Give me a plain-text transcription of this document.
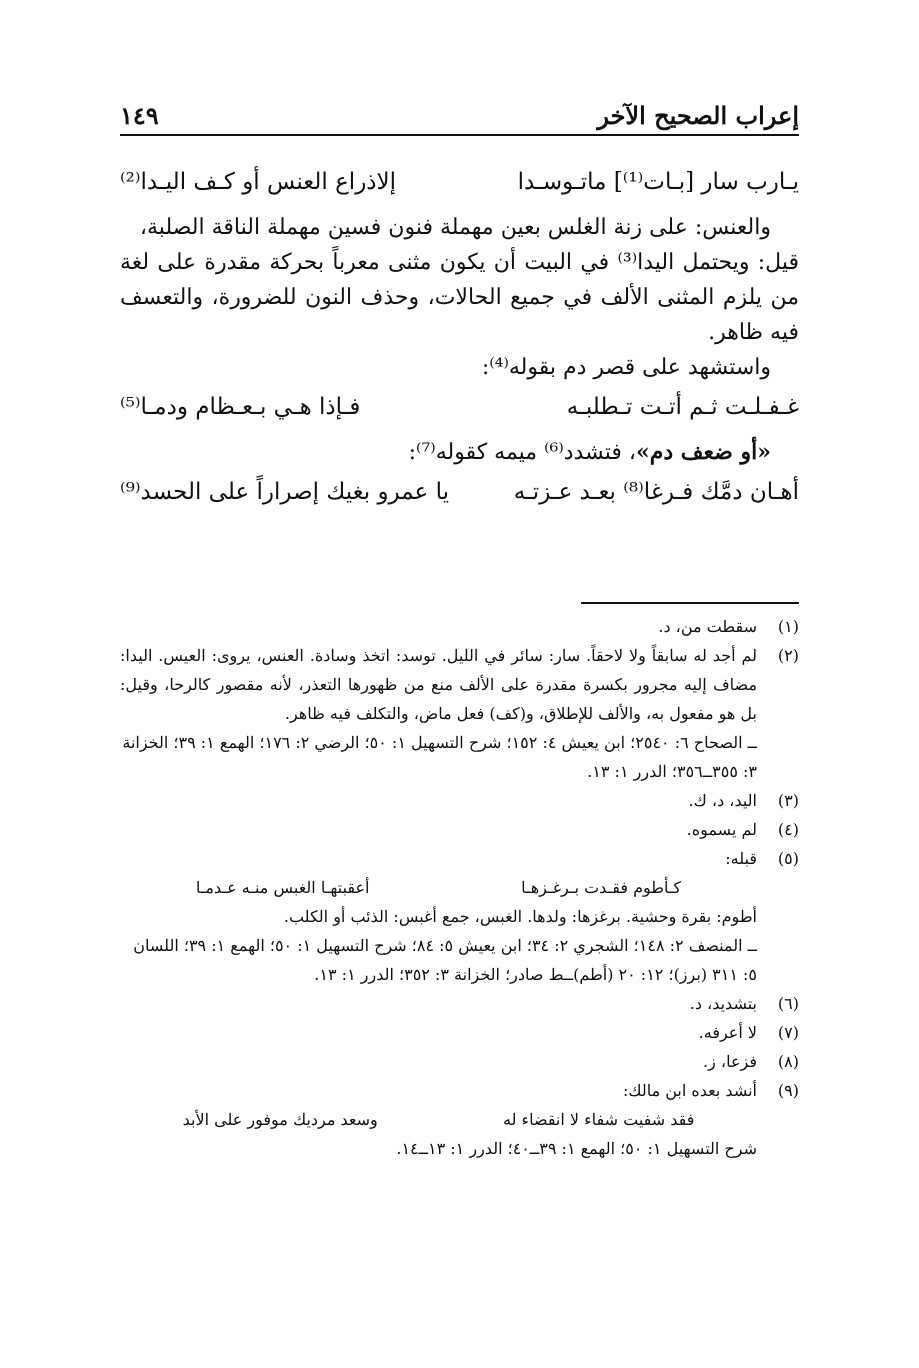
إعراب الصحيح الآخر
١٤٩
يـارب سار [بـات⁽¹⁾] ماتـوسـدا
إلاذراع العنس أو كـف اليـدا⁽²⁾

والعنس: على زنة الغلس بعين مهملة فنون فسين مهملة الناقة الصلبة،

قيل: ويحتمل اليدا⁽³⁾ في البيت أن يكون مثنى معرباً بحركة مقدرة على لغة من يلزم المثنى الألف في جميع الحالات، وحذف النون للضرورة، والتعسف فيه ظاهر.

واستشهد على قصر دم بقوله⁽⁴⁾:

غـفـلـت ثـم أتـت تـطلبـه
فـإذا هـي بـعـظام ودمـا⁽⁵⁾

«أو ضعف دم»، فتشدد⁽⁶⁾ ميمه كقوله⁽⁷⁾:

أهـان دمَّك فـرغا⁽⁸⁾ بعـد عـزتـه
يا عمرو بغيك إصراراً على الحسد⁽⁹⁾
(١)
سقطت من، د.
(٢)
لم أجد له سابقاً ولا لاحقاً. سار: سائر في الليل. توسد: اتخذ وسادة. العنس، يروى: العيس. اليدا: مضاف إليه مجرور بكسرة مقدرة على الألف منع من ظهورها التعذر، لأنه مقصور كالرحا، وقيل: بل هو مفعول به، والألف للإطلاق، و(كف) فعل ماض، والتكلف فيه ظاهر.
ــ الصحاح ٦: ٢٥٤٠؛ ابن يعيش ٤: ١٥٢؛ شرح التسهيل ١: ٥٠؛ الرضي ٢: ١٧٦؛ الهمع ١: ٣٩؛ الخزانة ٣: ٣٥٥ــ٣٥٦؛ الدرر ١: ١٣.
(٣)
اليد، د، ك.
(٤)
لم يسموه.
(٥)
قبله:
كـأطوم فقـدت بـرغـزهـا
أعقبتهـا الغبس منـه عـدمـا
أطوم: بقرة وحشية. برغزها: ولدها. الغبس، جمع أغبس: الذئب أو الكلب.
ــ المنصف ٢: ١٤٨؛ الشجري ٢: ٣٤؛ ابن يعيش ٥: ٨٤؛ شرح التسهيل ١: ٥٠؛ الهمع ١: ٣٩؛ اللسان ٥: ٣١١ (برز)؛ ١٢: ٢٠ (أطم)ــط صادر؛ الخزانة ٣: ٣٥٢؛ الدرر ١: ١٣.
(٦)
بتشديد، د.
(٧)
لا أعرفه.
(٨)
فزعا، ز.
(٩)
أنشد بعده ابن مالك:
فقد شفيت شفاء لا انقضاء له
وسعد مرديك موفور على الأبد
شرح التسهيل ١: ٥٠؛ الهمع ١: ٣٩ــ٤٠؛ الدرر ١: ١٣ــ١٤.
